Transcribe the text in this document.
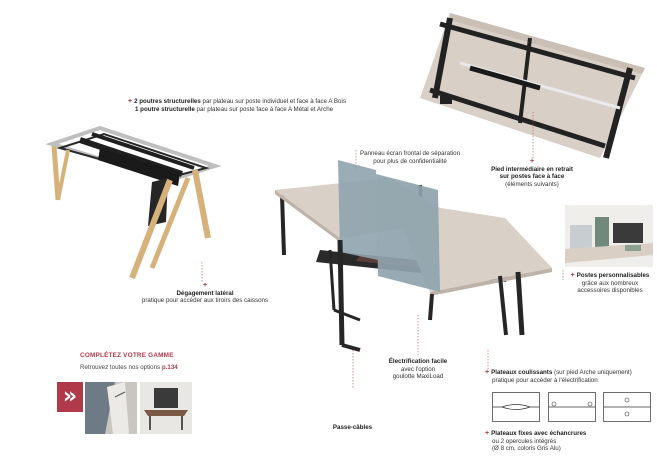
+ 2 poutres structurelles par plateau sur poste individuel et face à face A Bois
1 poutre structurelle par plateau sur poste face à face A Métal et Arche
+
Dégagement latéral
pratique pour accéder aux tiroirs des caissons
+
Pied intermédiaire en retrait
sur postes face à face
(éléments suivants)
Panneau écran frontal de séparation
pour plus de confidentialité
+ Postes personnalisables
grâce aux nombreux
accessoires disponibles
Électrification facile
avec l'option
goulotte MaxiLoad
+ Plateaux coulissants (sur pied Arche uniquement)
pratique pour accéder à l'électrification
+ Plateaux fixes avec échancrures
ou 2 opercules intégrés
(Ø 8 cm, coloris Gris Alu)
Passe-câbles
COMPLÉTEZ VOTRE GAMME
Retrouvez toutes nos options p.134
»
